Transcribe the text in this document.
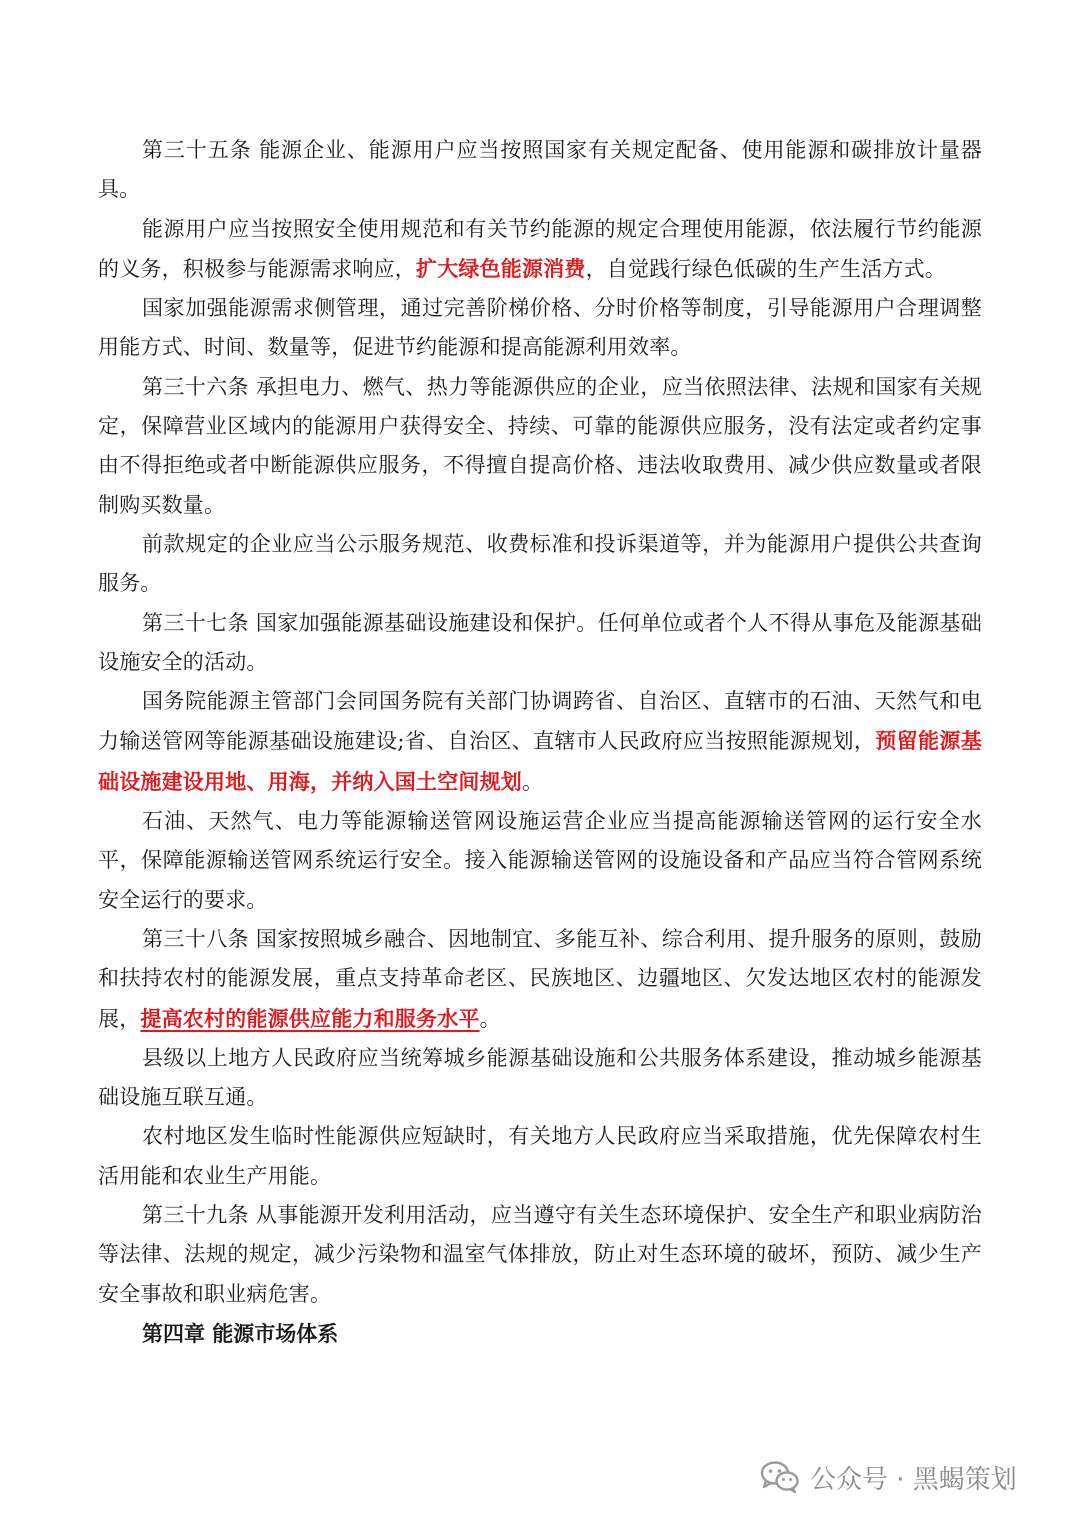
第三十五条 能源企业、能源用户应当按照国家有关规定配备、使用能源和碳排放计量器具。

能源用户应当按照安全使用规范和有关节约能源的规定合理使用能源，依法履行节约能源的义务，积极参与能源需求响应，扩大绿色能源消费，自觉践行绿色低碳的生产生活方式。

国家加强能源需求侧管理，通过完善阶梯价格、分时价格等制度，引导能源用户合理调整用能方式、时间、数量等，促进节约能源和提高能源利用效率。

第三十六条 承担电力、燃气、热力等能源供应的企业，应当依照法律、法规和国家有关规定，保障营业区域内的能源用户获得安全、持续、可靠的能源供应服务，没有法定或者约定事由不得拒绝或者中断能源供应服务，不得擅自提高价格、违法收取费用、减少供应数量或者限制购买数量。

前款规定的企业应当公示服务规范、收费标准和投诉渠道等，并为能源用户提供公共查询服务。

第三十七条 国家加强能源基础设施建设和保护。任何单位或者个人不得从事危及能源基础设施安全的活动。

国务院能源主管部门会同国务院有关部门协调跨省、自治区、直辖市的石油、天然气和电力输送管网等能源基础设施建设;省、自治区、直辖市人民政府应当按照能源规划，预留能源基础设施建设用地、用海，并纳入国土空间规划。

石油、天然气、电力等能源输送管网设施运营企业应当提高能源输送管网的运行安全水平，保障能源输送管网系统运行安全。接入能源输送管网的设施设备和产品应当符合管网系统安全运行的要求。

第三十八条 国家按照城乡融合、因地制宜、多能互补、综合利用、提升服务的原则，鼓励和扶持农村的能源发展，重点支持革命老区、民族地区、边疆地区、欠发达地区农村的能源发展，提高农村的能源供应能力和服务水平。

县级以上地方人民政府应当统筹城乡能源基础设施和公共服务体系建设，推动城乡能源基础设施互联互通。

农村地区发生临时性能源供应短缺时，有关地方人民政府应当采取措施，优先保障农村生活用能和农业生产用能。

第三十九条 从事能源开发利用活动，应当遵守有关生态环境保护、安全生产和职业病防治等法律、法规的规定，减少污染物和温室气体排放，防止对生态环境的破坏，预防、减少生产安全事故和职业病危害。

第四章 能源市场体系

公众号 · 黑蝎策划
